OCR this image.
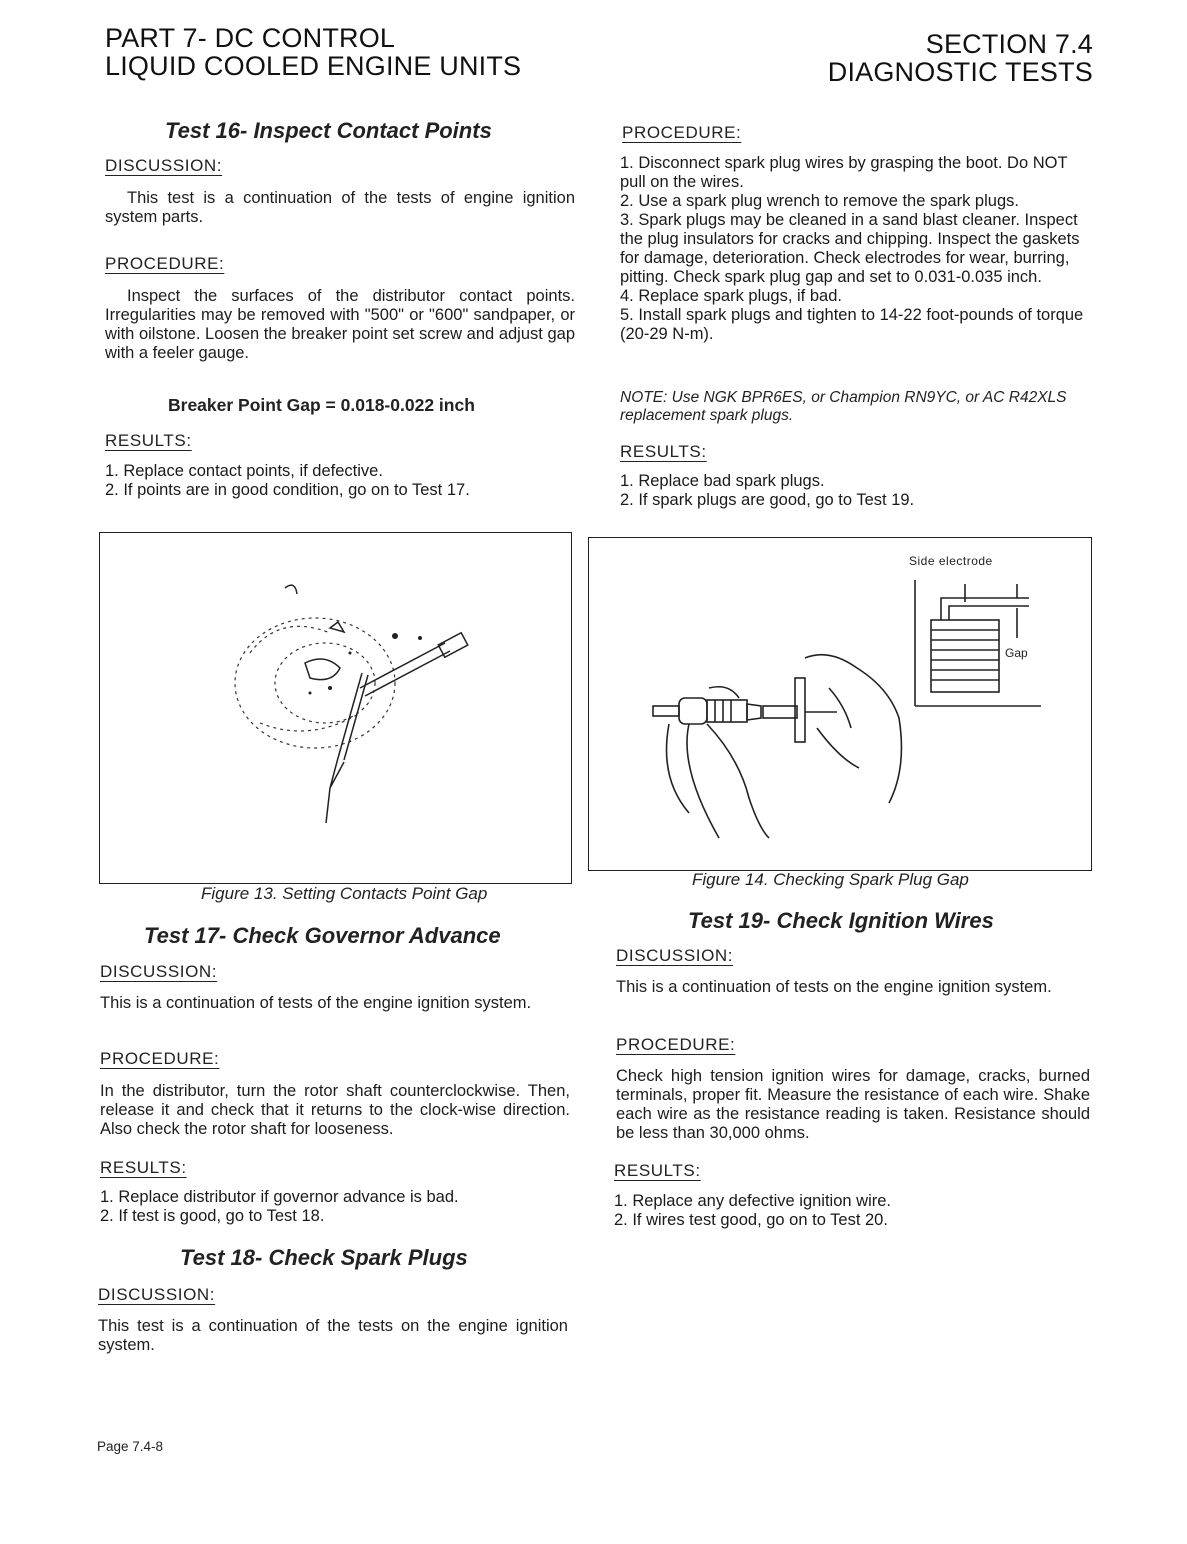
PART 7- DC CONTROL
LIQUID COOLED ENGINE UNITS
SECTION 7.4
DIAGNOSTIC TESTS
Test 16- Inspect Contact Points
DISCUSSION:
This test is a continuation of the tests of engine ignition system parts.
PROCEDURE:
Inspect the surfaces of the distributor contact points. Irregularities may be removed with "500" or "600" sandpaper, or with oilstone. Loosen the breaker point set screw and adjust gap with a feeler gauge.
Breaker Point Gap = 0.018-0.022 inch
RESULTS:
1. Replace contact points, if defective.
2. If points are in good condition, go on to Test 17.
Figure 13. Setting Contacts Point Gap
Test 17- Check Governor Advance
DISCUSSION:
This is a continuation of tests of the engine ignition system.
PROCEDURE:
In the distributor, turn the rotor shaft counterclockwise. Then, release it and check that it returns to the clock-wise direction. Also check the rotor shaft for looseness.
RESULTS:
1. Replace distributor if governor advance is bad.
2. If test is good, go to Test 18.
Test 18- Check Spark Plugs
DISCUSSION:
This test is a continuation of the tests on the engine ignition system.
PROCEDURE:
1. Disconnect spark plug wires by grasping the boot. Do NOT pull on the wires.
2. Use a spark plug wrench to remove the spark plugs.
3. Spark plugs may be cleaned in a sand blast cleaner. Inspect the plug insulators for cracks and chipping. Inspect the gaskets for damage, deterioration. Check electrodes for wear, burring, pitting. Check spark plug gap and set to 0.031-0.035 inch.
4. Replace spark plugs, if bad.
5. Install spark plugs and tighten to 14-22 foot-pounds of torque (20-29 N-m).
NOTE: Use NGK BPR6ES, or Champion RN9YC, or AC R42XLS replacement spark plugs.
RESULTS:
1. Replace bad spark plugs.
2. If spark plugs are good, go to Test 19.
Side electrode
Gap
Figure 14. Checking Spark Plug Gap
Test 19- Check Ignition Wires
DISCUSSION:
This is a continuation of tests on the engine ignition system.
PROCEDURE:
Check high tension ignition wires for damage, cracks, burned terminals, proper fit. Measure the resistance of each wire. Shake each wire as the resistance reading is taken. Resistance should be less than 30,000 ohms.
RESULTS:
1. Replace any defective ignition wire.
2. If wires test good, go on to Test 20.
Page 7.4-8
